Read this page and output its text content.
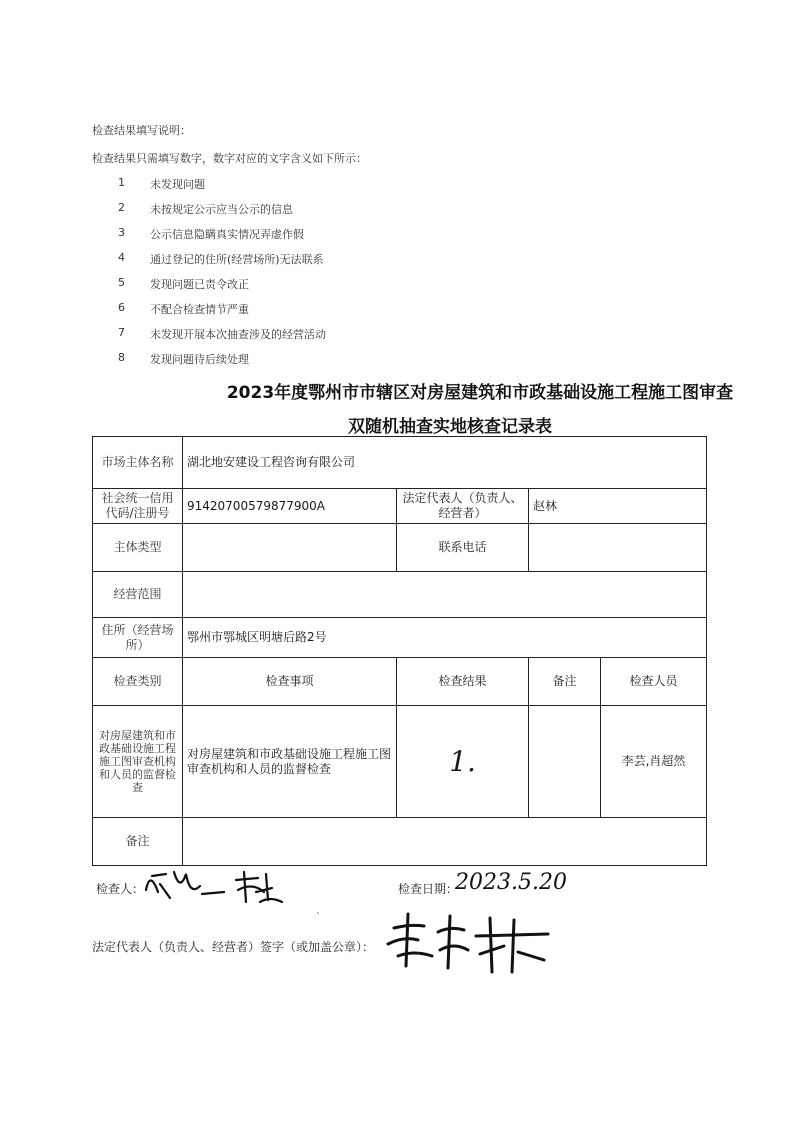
检查结果填写说明：
检查结果只需填写数字，数字对应的文字含义如下所示：
1	未发现问题
2	未按规定公示应当公示的信息
3	公示信息隐瞒真实情况弄虚作假
4	通过登记的住所(经营场所)无法联系
5	发现问题已责令改正
6	不配合检查情节严重
7	未发现开展本次抽查涉及的经营活动
8	发现问题待后续处理
2023年度鄂州市市辖区对房屋建筑和市政基础设施工程施工图审查
双随机抽查实地核查记录表
市场主体名称	湖北地安建设工程咨询有限公司			
社会统一信用代码/注册号	91420700579877900A	法定代表人（负责人、经营者）	赵林	
主体类型		联系电话		
经营范围				
住所（经营场所）	鄂州市鄂城区明塘后路2号			
检查类别	检查事项	检查结果	备注	检查人员
对房屋建筑和市政基础设施工程施工图审查机构和人员的监督检查	对房屋建筑和市政基础设施工程施工图审查机构和人员的监督检查	1.		李芸,肖超然
备注				
检查人：	检查日期：
2023.5.20
ˋ
法定代表人（负责人、经营者）签字（或加盖公章）：
